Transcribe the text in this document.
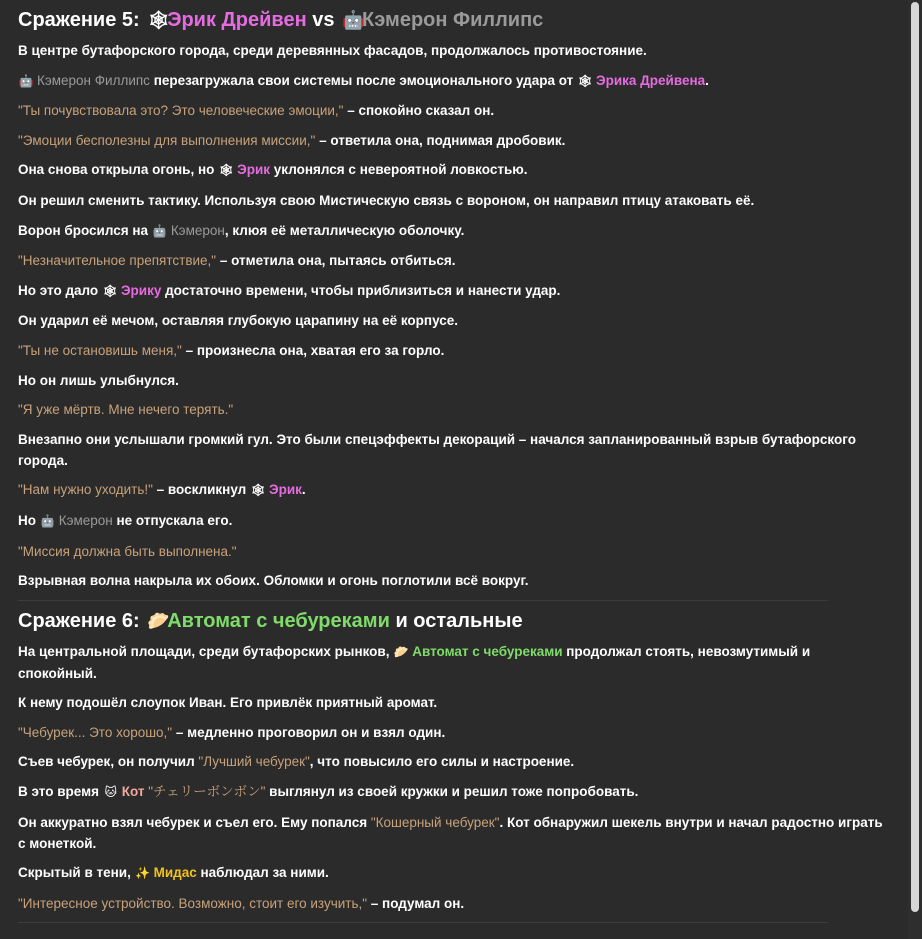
Сражение 5: 🕸Эрик Дрейвен vs 🤖Кэмерон Филлипс
В центре бутафорского города, среди деревянных фасадов, продолжалось противостояние.
🤖 Кэмерон Филлипс перезагружала свои системы после эмоционального удара от 🕸 Эрика Дрейвена.
"Ты почувствовала это? Это человеческие эмоции," – спокойно сказал он.
"Эмоции бесполезны для выполнения миссии," – ответила она, поднимая дробовик.
Она снова открыла огонь, но 🕸 Эрик уклонялся с невероятной ловкостью.
Он решил сменить тактику. Используя свою Мистическую связь с вороном, он направил птицу атаковать её.
Ворон бросился на 🤖 Кэмерон, клюя её металлическую оболочку.
"Незначительное препятствие," – отметила она, пытаясь отбиться.
Но это дало 🕸 Эрику достаточно времени, чтобы приблизиться и нанести удар.
Он ударил её мечом, оставляя глубокую царапину на её корпусе.
"Ты не остановишь меня," – произнесла она, хватая его за горло.
Но он лишь улыбнулся.
"Я уже мёртв. Мне нечего терять."
Внезапно они услышали громкий гул. Это были спецэффекты декораций – начался запланированный взрыв бутафорского города.
"Нам нужно уходить!" – воскликнул 🕸 Эрик.
Но 🤖 Кэмерон не отпускала его.
"Миссия должна быть выполнена."
Взрывная волна накрыла их обоих. Обломки и огонь поглотили всё вокруг.
Сражение 6: 🥟Автомат с чебуреками и остальные
На центральной площади, среди бутафорских рынков, 🥟 Автомат с чебуреками продолжал стоять, невозмутимый и спокойный.
К нему подошёл слоупок Иван. Его привлёк приятный аромат.
"Чебурек... Это хорошо," – медленно проговорил он и взял один.
Съев чебурек, он получил "Лучший чебурек", что повысило его силы и настроение.
В это время 🐱 Кот "チェリーボンボン" выглянул из своей кружки и решил тоже попробовать.
Он аккуратно взял чебурек и съел его. Ему попался "Кошерный чебурек". Кот обнаружил шекель внутри и начал радостно играть с монеткой.
Скрытый в тени, ✨ Мидас наблюдал за ними.
"Интересное устройство. Возможно, стоит его изучить," – подумал он.
